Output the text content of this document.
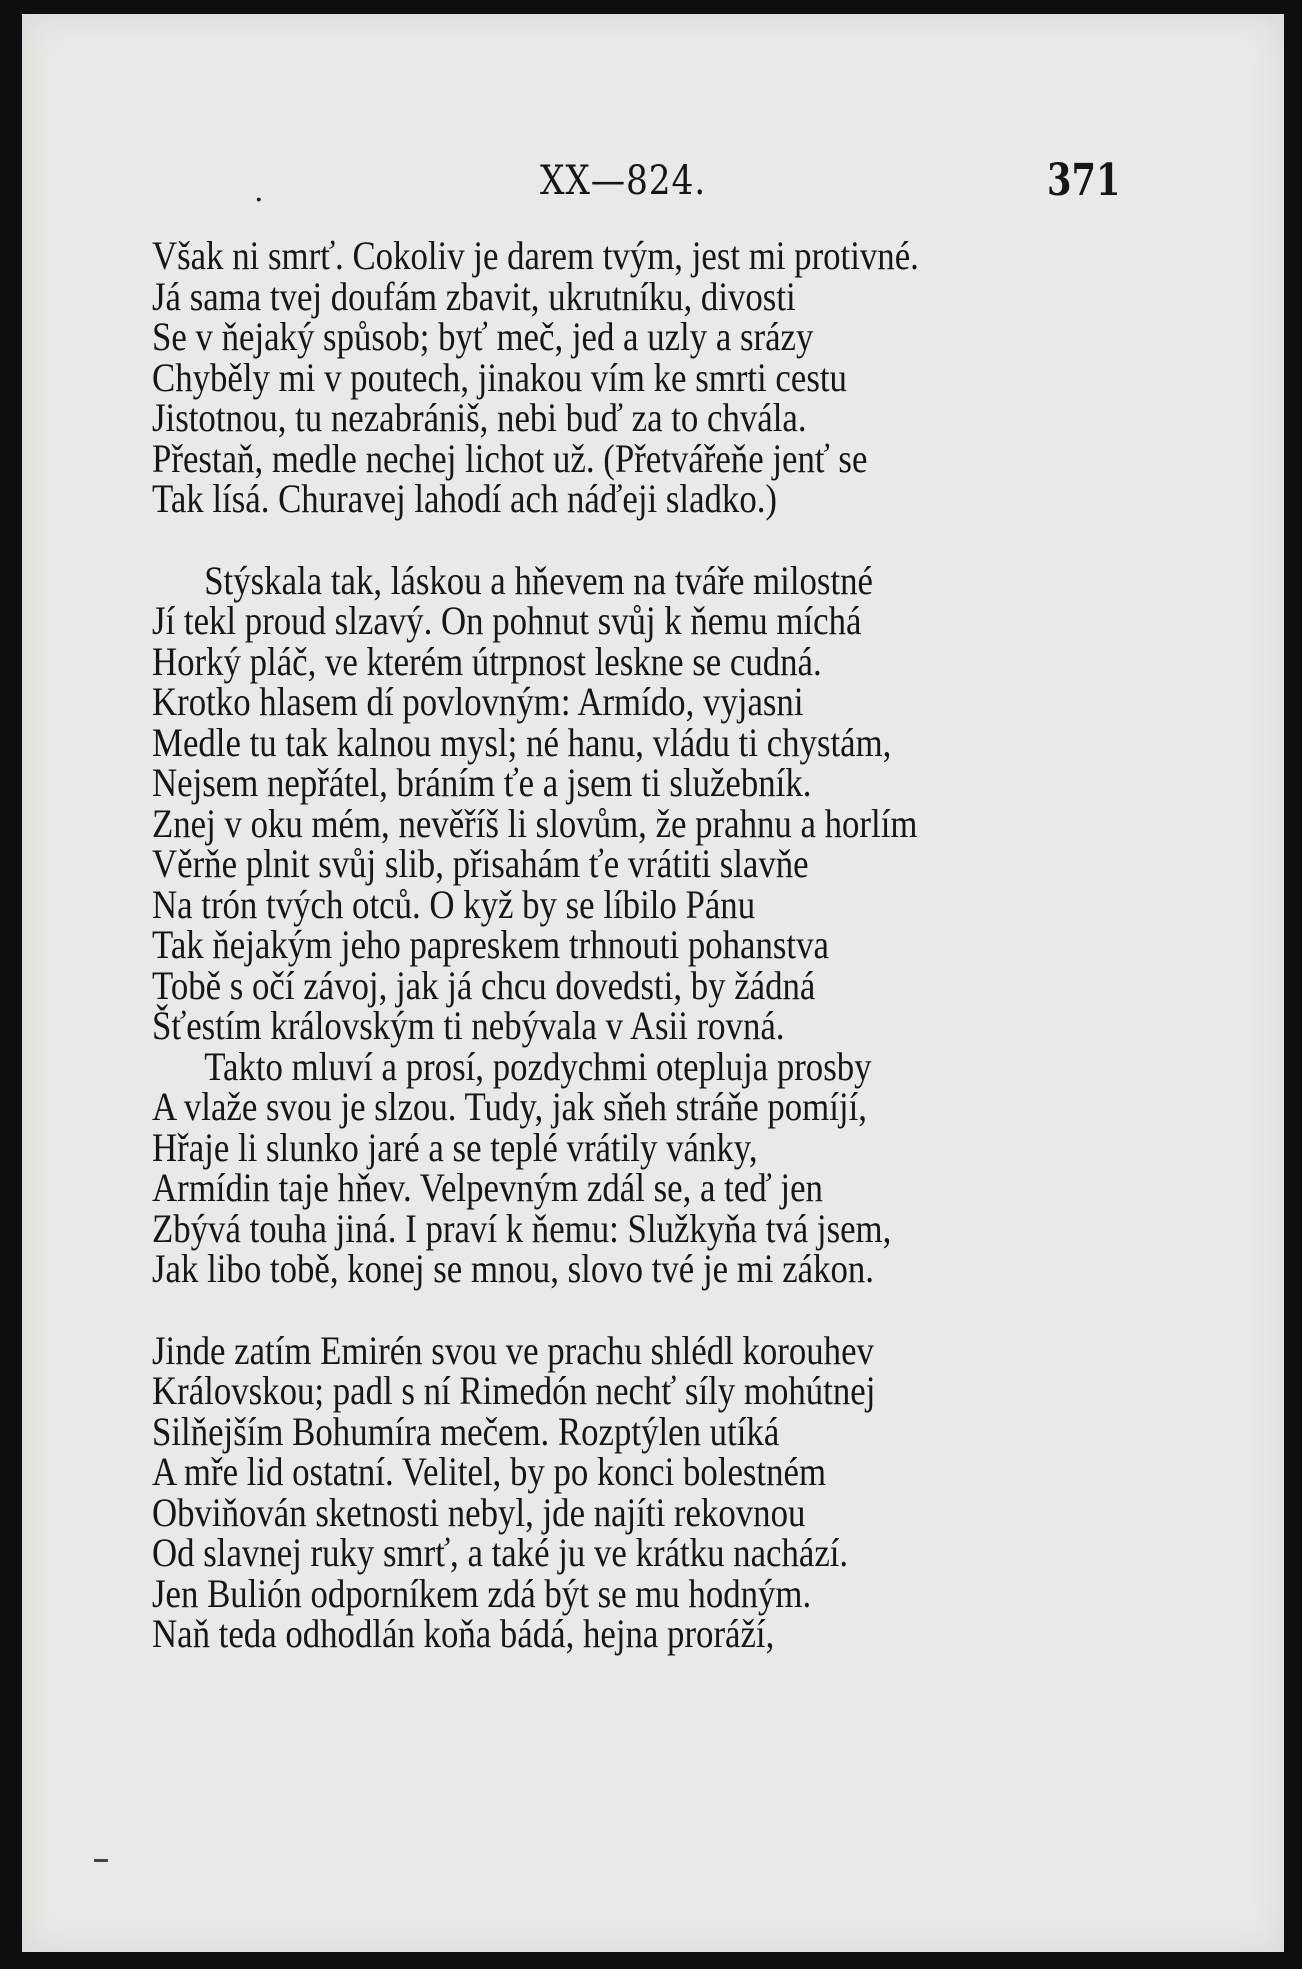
.	XX—824.	371
Však ni smrť. Cokoliv je darem tvým, jest mi protivné.
Já sama tvej doufám zbavit, ukrutníku, divosti
Se v ňejaký spůsob; byť meč, jed a uzly a srázy
Chyběly mi v poutech, jinakou vím ke smrti cestu
Jistotnou, tu nezabrániš, nebi buď za to chvála.
Přestaň, medle nechej lichot už. (Přetvářeňe jenť se
Tak lísá. Churavej lahodí ach náďeji sladko.)
Stýskala tak, láskou a hňevem na tváře milostné
Jí tekl proud slzavý. On pohnut svůj k ňemu míchá
Horký pláč, ve kterém útrpnost leskne se cudná.
Krotko hlasem dí povlovným: Armído, vyjasni
Medle tu tak kalnou mysl; né hanu, vládu ti chystám,
Nejsem nepřátel, bráním ťe a jsem ti služebník.
Znej v oku mém, nevěříš li slovům, že prahnu a horlím
Věrňe plnit svůj slib, přisahám ťe vrátiti slavňe
Na trón tvých otců. O kyž by se líbilo Pánu
Tak ňejakým jeho papreskem trhnouti pohanstva
Tobě s očí závoj, jak já chcu dovedsti, by žádná
Šťestím královským ti nebývala v Asii rovná.
Takto mluví a prosí, pozdychmi otepluja prosby
A vlaže svou je slzou. Tudy, jak sňeh stráňe pomíjí,
Hřaje li slunko jaré a se teplé vrátily vánky,
Armídin taje hňev. Velpevným zdál se, a teď jen
Zbývá touha jiná. I praví k ňemu: Služkyňa tvá jsem,
Jak libo tobě, konej se mnou, slovo tvé je mi zákon.
Jinde zatím Emirén svou ve prachu shlédl korouhev
Královskou; padl s ní Rimedón nechť síly mohútnej
Silňejším Bohumíra mečem. Rozptýlen utíká
A mře lid ostatní. Velitel, by po konci bolestném
Obviňován sketnosti nebyl, jde najíti rekovnou
Od slavnej ruky smrť, a také ju ve krátku nachází.
Jen Bulión odporníkem zdá být se mu hodným.
Naň teda odhodlán koňa bádá, hejna proráží,
